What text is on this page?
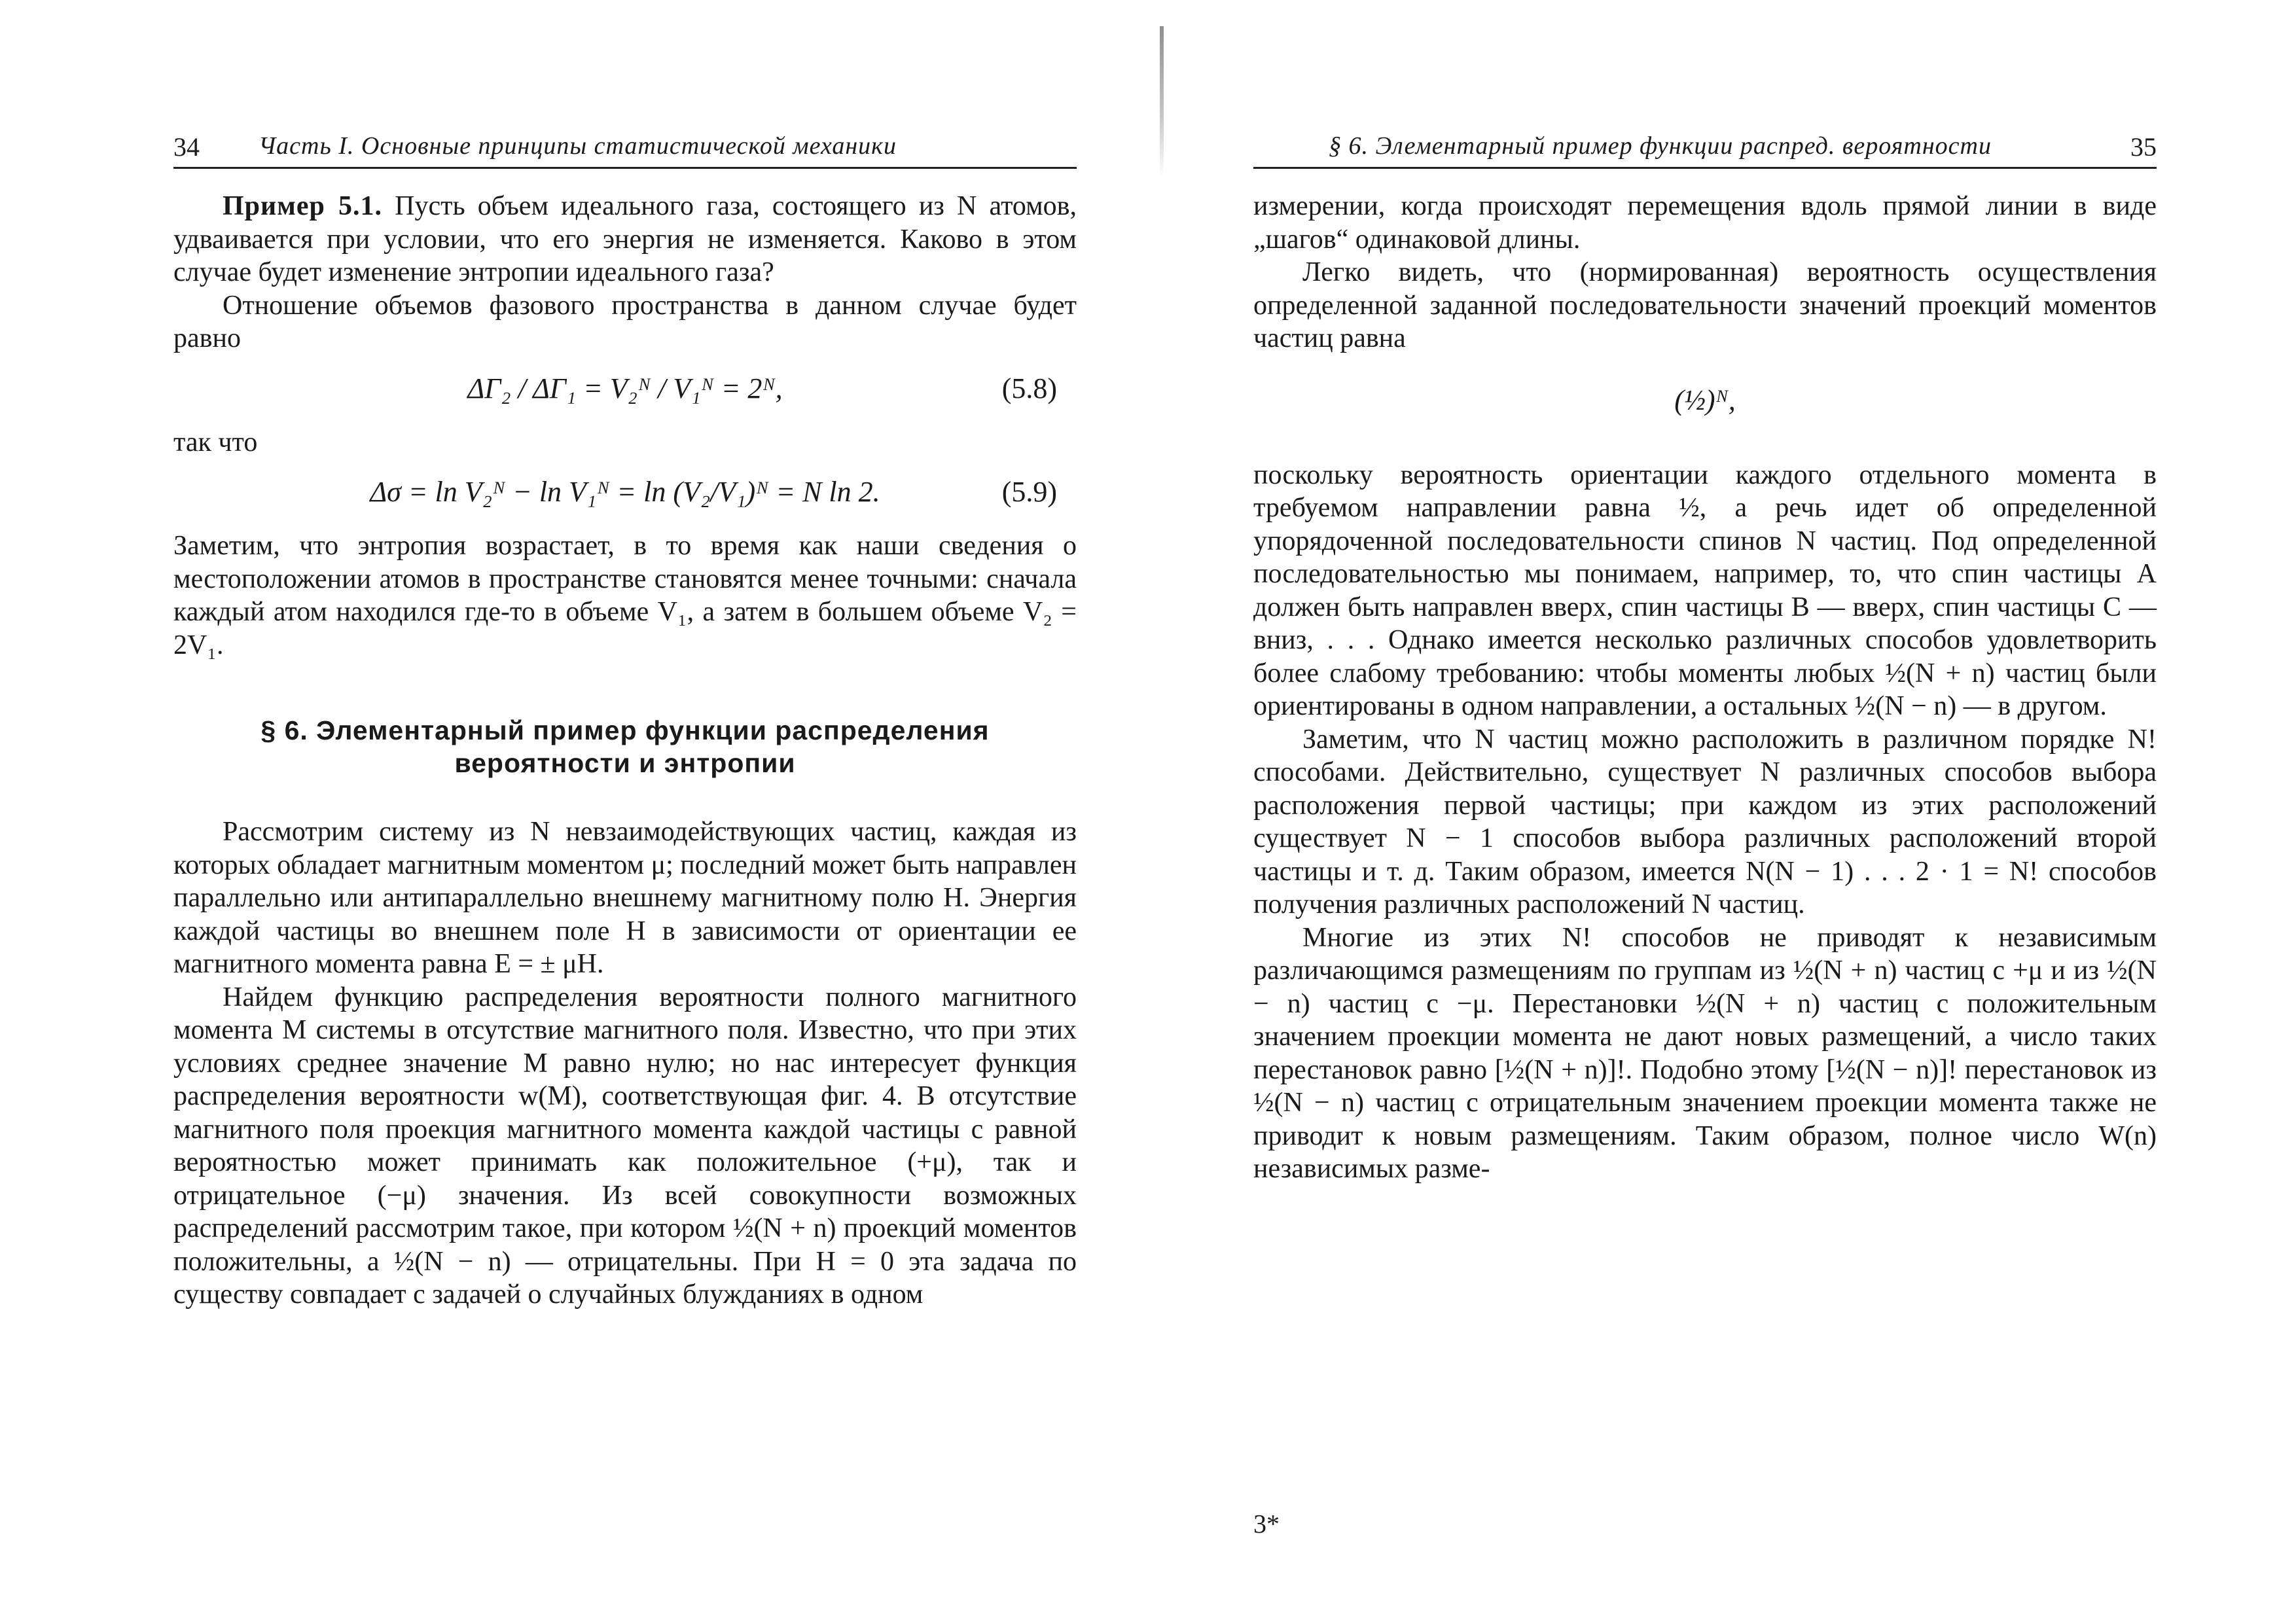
34 Часть I. Основные принципы статистической механики

Пример 5.1. Пусть объем идеального газа, состоящего из N атомов, удваивается при условии, что его энергия не изменяется. Каково в этом случае будет изменение энтропии идеального газа?

Отношение объемов фазового пространства в данном случае будет равно

ΔΓ₂ / ΔΓ₁ = V₂ᴺ / V₁ᴺ = 2ᴺ,	(5.8)

так что

Δσ = ln V₂ᴺ − ln V₁ᴺ = ln (V₂/V₁)ᴺ = N ln 2.	(5.9)

Заметим, что энтропия возрастает, в то время как наши сведения о местоположении атомов в пространстве становятся менее точными: сначала каждый атом находился где-то в объеме V₁, а затем в большем объеме V₂ = 2V₁.

§ 6. Элементарный пример функции распределения вероятности и энтропии

Рассмотрим систему из N невзаимодействующих частиц, каждая из которых обладает магнитным моментом μ; последний может быть направлен параллельно или антипараллельно внешнему магнитному полю H. Энергия каждой частицы во внешнем поле H в зависимости от ориентации ее магнитного момента равна E = ± μH.

Найдем функцию распределения вероятности полного магнитного момента M системы в отсутствие магнитного поля. Известно, что при этих условиях среднее значение M равно нулю; но нас интересует функция распределения вероятности w(M), соответствующая фиг. 4. В отсутствие магнитного поля проекция магнитного момента каждой частицы с равной вероятностью может принимать как положительное (+μ), так и отрицательное (−μ) значения. Из всей совокупности возможных распределений рассмотрим такое, при котором ½(N + n) проекций моментов положительны, а ½(N − n) — отрицательны. При H = 0 эта задача по существу совпадает с задачей о случайных блужданиях в одном

§ 6. Элементарный пример функции распред. вероятности	35

измерении, когда происходят перемещения вдоль прямой линии в виде „шагов“ одинаковой длины.

Легко видеть, что (нормированная) вероятность осуществления определенной заданной последовательности значений проекций моментов частиц равна

(½)ᴺ,

поскольку вероятность ориентации каждого отдельного момента в требуемом направлении равна ½, а речь идет об определенной упорядоченной последовательности спинов N частиц. Под определенной последовательностью мы понимаем, например, то, что спин частицы A должен быть направлен вверх, спин частицы B — вверх, спин частицы C — вниз, . . . Однако имеется несколько различных способов удовлетворить более слабому требованию: чтобы моменты любых ½(N + n) частиц были ориентированы в одном направлении, а остальных ½(N − n) — в другом.

Заметим, что N частиц можно расположить в различном порядке N! способами. Действительно, существует N различных способов выбора расположения первой частицы; при каждом из этих расположений существует N − 1 способов выбора различных расположений второй частицы и т. д. Таким образом, имеется N(N − 1) . . . 2 · 1 = N! способов получения различных расположений N частиц.

Многие из этих N! способов не приводят к независимым различающимся размещениям по группам из ½(N + n) частиц с +μ и из ½(N − n) частиц с −μ. Перестановки ½(N + n) частиц с положительным значением проекции момента не дают новых размещений, а число таких перестановок равно [½(N + n)]!. Подобно этому [½(N − n)]! перестановок из ½(N − n) частиц с отрицательным значением проекции момента также не приводит к новым размещениям. Таким образом, полное число W(n) независимых разме-

3*
